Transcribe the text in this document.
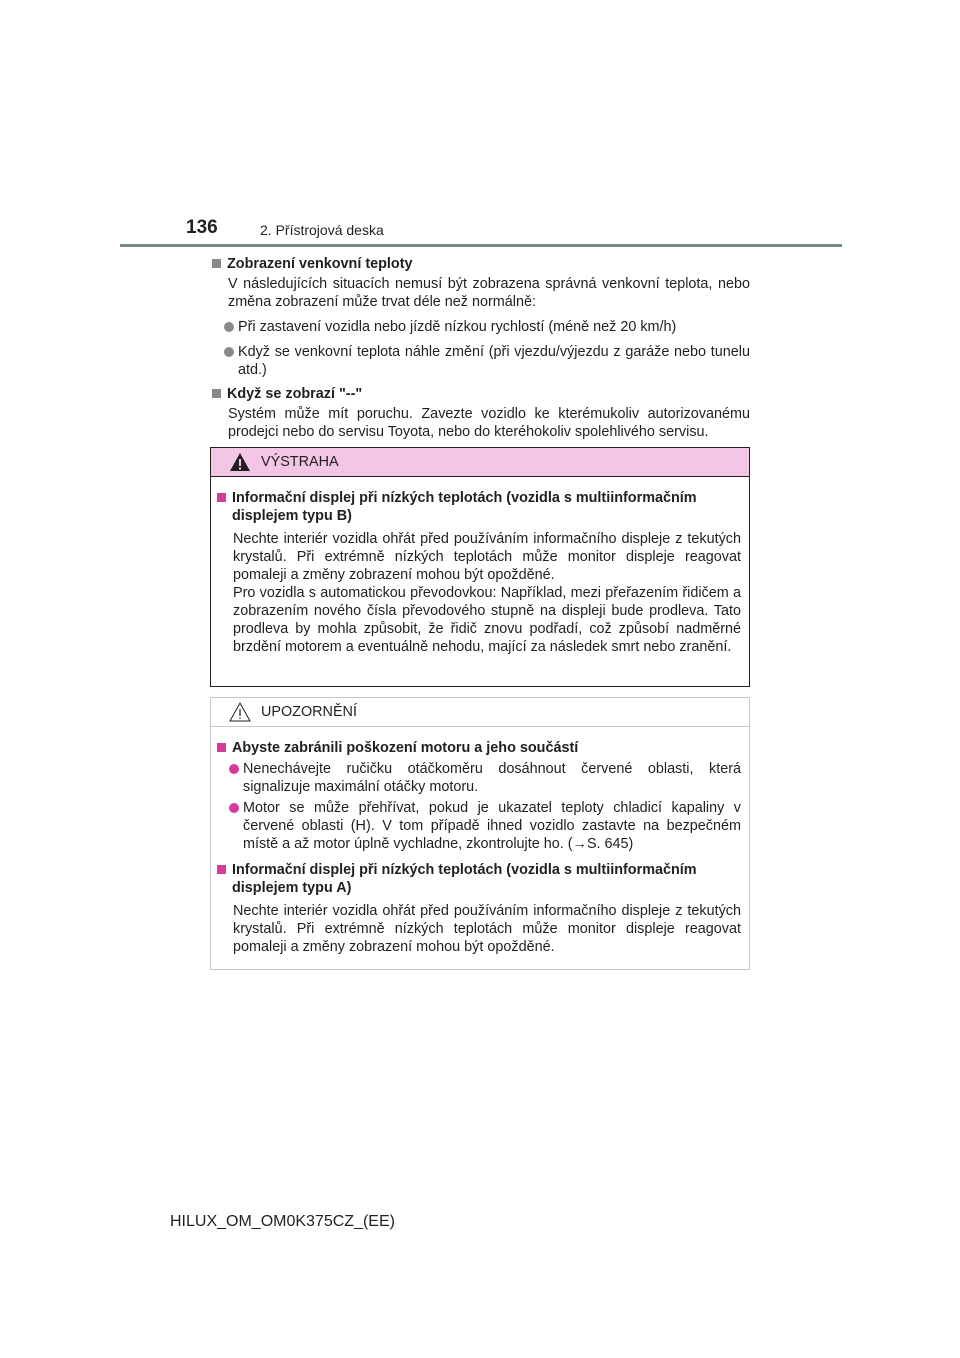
136	2. Přístrojová deska
Zobrazení venkovní teploty
V následujících situacích nemusí být zobrazena správná venkovní teplota, nebo změna zobrazení může trvat déle než normálně:
Při zastavení vozidla nebo jízdě nízkou rychlostí (méně než 20 km/h)
Když se venkovní teplota náhle změní (při vjezdu/výjezdu z garáže nebo tunelu atd.)
Když se zobrazí "--"
Systém může mít poruchu. Zavezte vozidlo ke kterémukoliv autorizovanému prodejci nebo do servisu Toyota, nebo do kteréhokoliv spolehlivého servisu.
VÝSTRAHA
Informační displej při nízkých teplotách (vozidla s multiinformačním displejem typu B)
Nechte interiér vozidla ohřát před používáním informačního displeje z tekutých krystalů. Při extrémně nízkých teplotách může monitor displeje reagovat pomaleji a změny zobrazení mohou být opožděné.
Pro vozidla s automatickou převodovkou: Například, mezi přeřazením řidičem a zobrazením nového čísla převodového stupně na displeji bude prodleva. Tato prodleva by mohla způsobit, že řidič znovu podřadí, což způsobí nadměrné brzdění motorem a eventuálně nehodu, mající za následek smrt nebo zranění.
UPOZORNĚNÍ
Abyste zabránili poškození motoru a jeho součástí
Nenechávejte ručičku otáčkoměru dosáhnout červené oblasti, která signalizuje maximální otáčky motoru.
Motor se může přehřívat, pokud je ukazatel teploty chladicí kapaliny v červené oblasti (H). V tom případě ihned vozidlo zastavte na bezpečném místě a až motor úplně vychladne, zkontrolujte ho. (→S. 645)
Informační displej při nízkých teplotách (vozidla s multiinformačním displejem typu A)
Nechte interiér vozidla ohřát před používáním informačního displeje z tekutých krystalů. Při extrémně nízkých teplotách může monitor displeje reagovat pomaleji a změny zobrazení mohou být opožděné.
HILUX_OM_OM0K375CZ_(EE)
